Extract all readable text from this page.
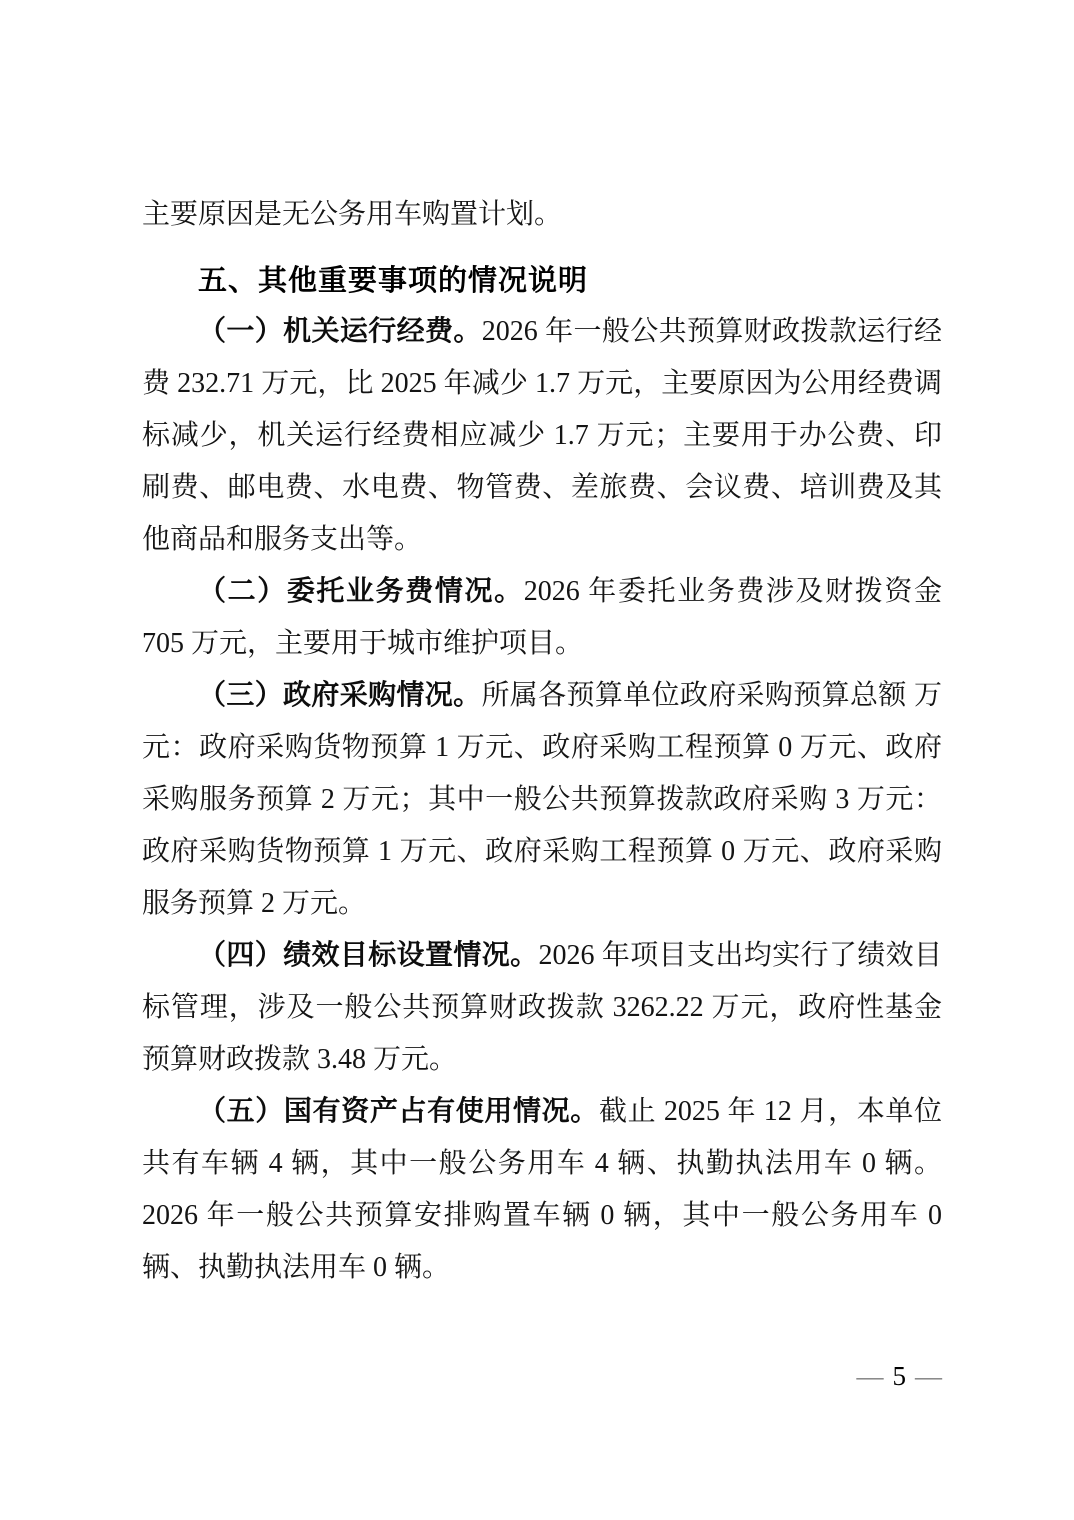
主要原因是无公务用车购置计划。

五、其他重要事项的情况说明

（一）机关运行经费。2026 年一般公共预算财政拨款运行经费 232.71 万元，比 2025 年减少 1.7 万元，主要原因为公用经费调标减少，机关运行经费相应减少 1.7 万元；主要用于办公费、印刷费、邮电费、水电费、物管费、差旅费、会议费、培训费及其他商品和服务支出等。

（二）委托业务费情况。2026 年委托业务费涉及财拨资金 705 万元，主要用于城市维护项目。

（三）政府采购情况。所属各预算单位政府采购预算总额 万元：政府采购货物预算 1 万元、政府采购工程预算 0 万元、政府采购服务预算 2 万元；其中一般公共预算拨款政府采购 3 万元：政府采购货物预算 1 万元、政府采购工程预算 0 万元、政府采购服务预算 2 万元。

（四）绩效目标设置情况。2026 年项目支出均实行了绩效目标管理，涉及一般公共预算财政拨款 3262.22 万元，政府性基金预算财政拨款 3.48 万元。

（五）国有资产占有使用情况。截止 2025 年 12 月，本单位共有车辆 4 辆，其中一般公务用车 4 辆、执勤执法用车 0 辆。2026 年一般公共预算安排购置车辆 0 辆，其中一般公务用车 0 辆、执勤执法用车 0 辆。

— 5 —
